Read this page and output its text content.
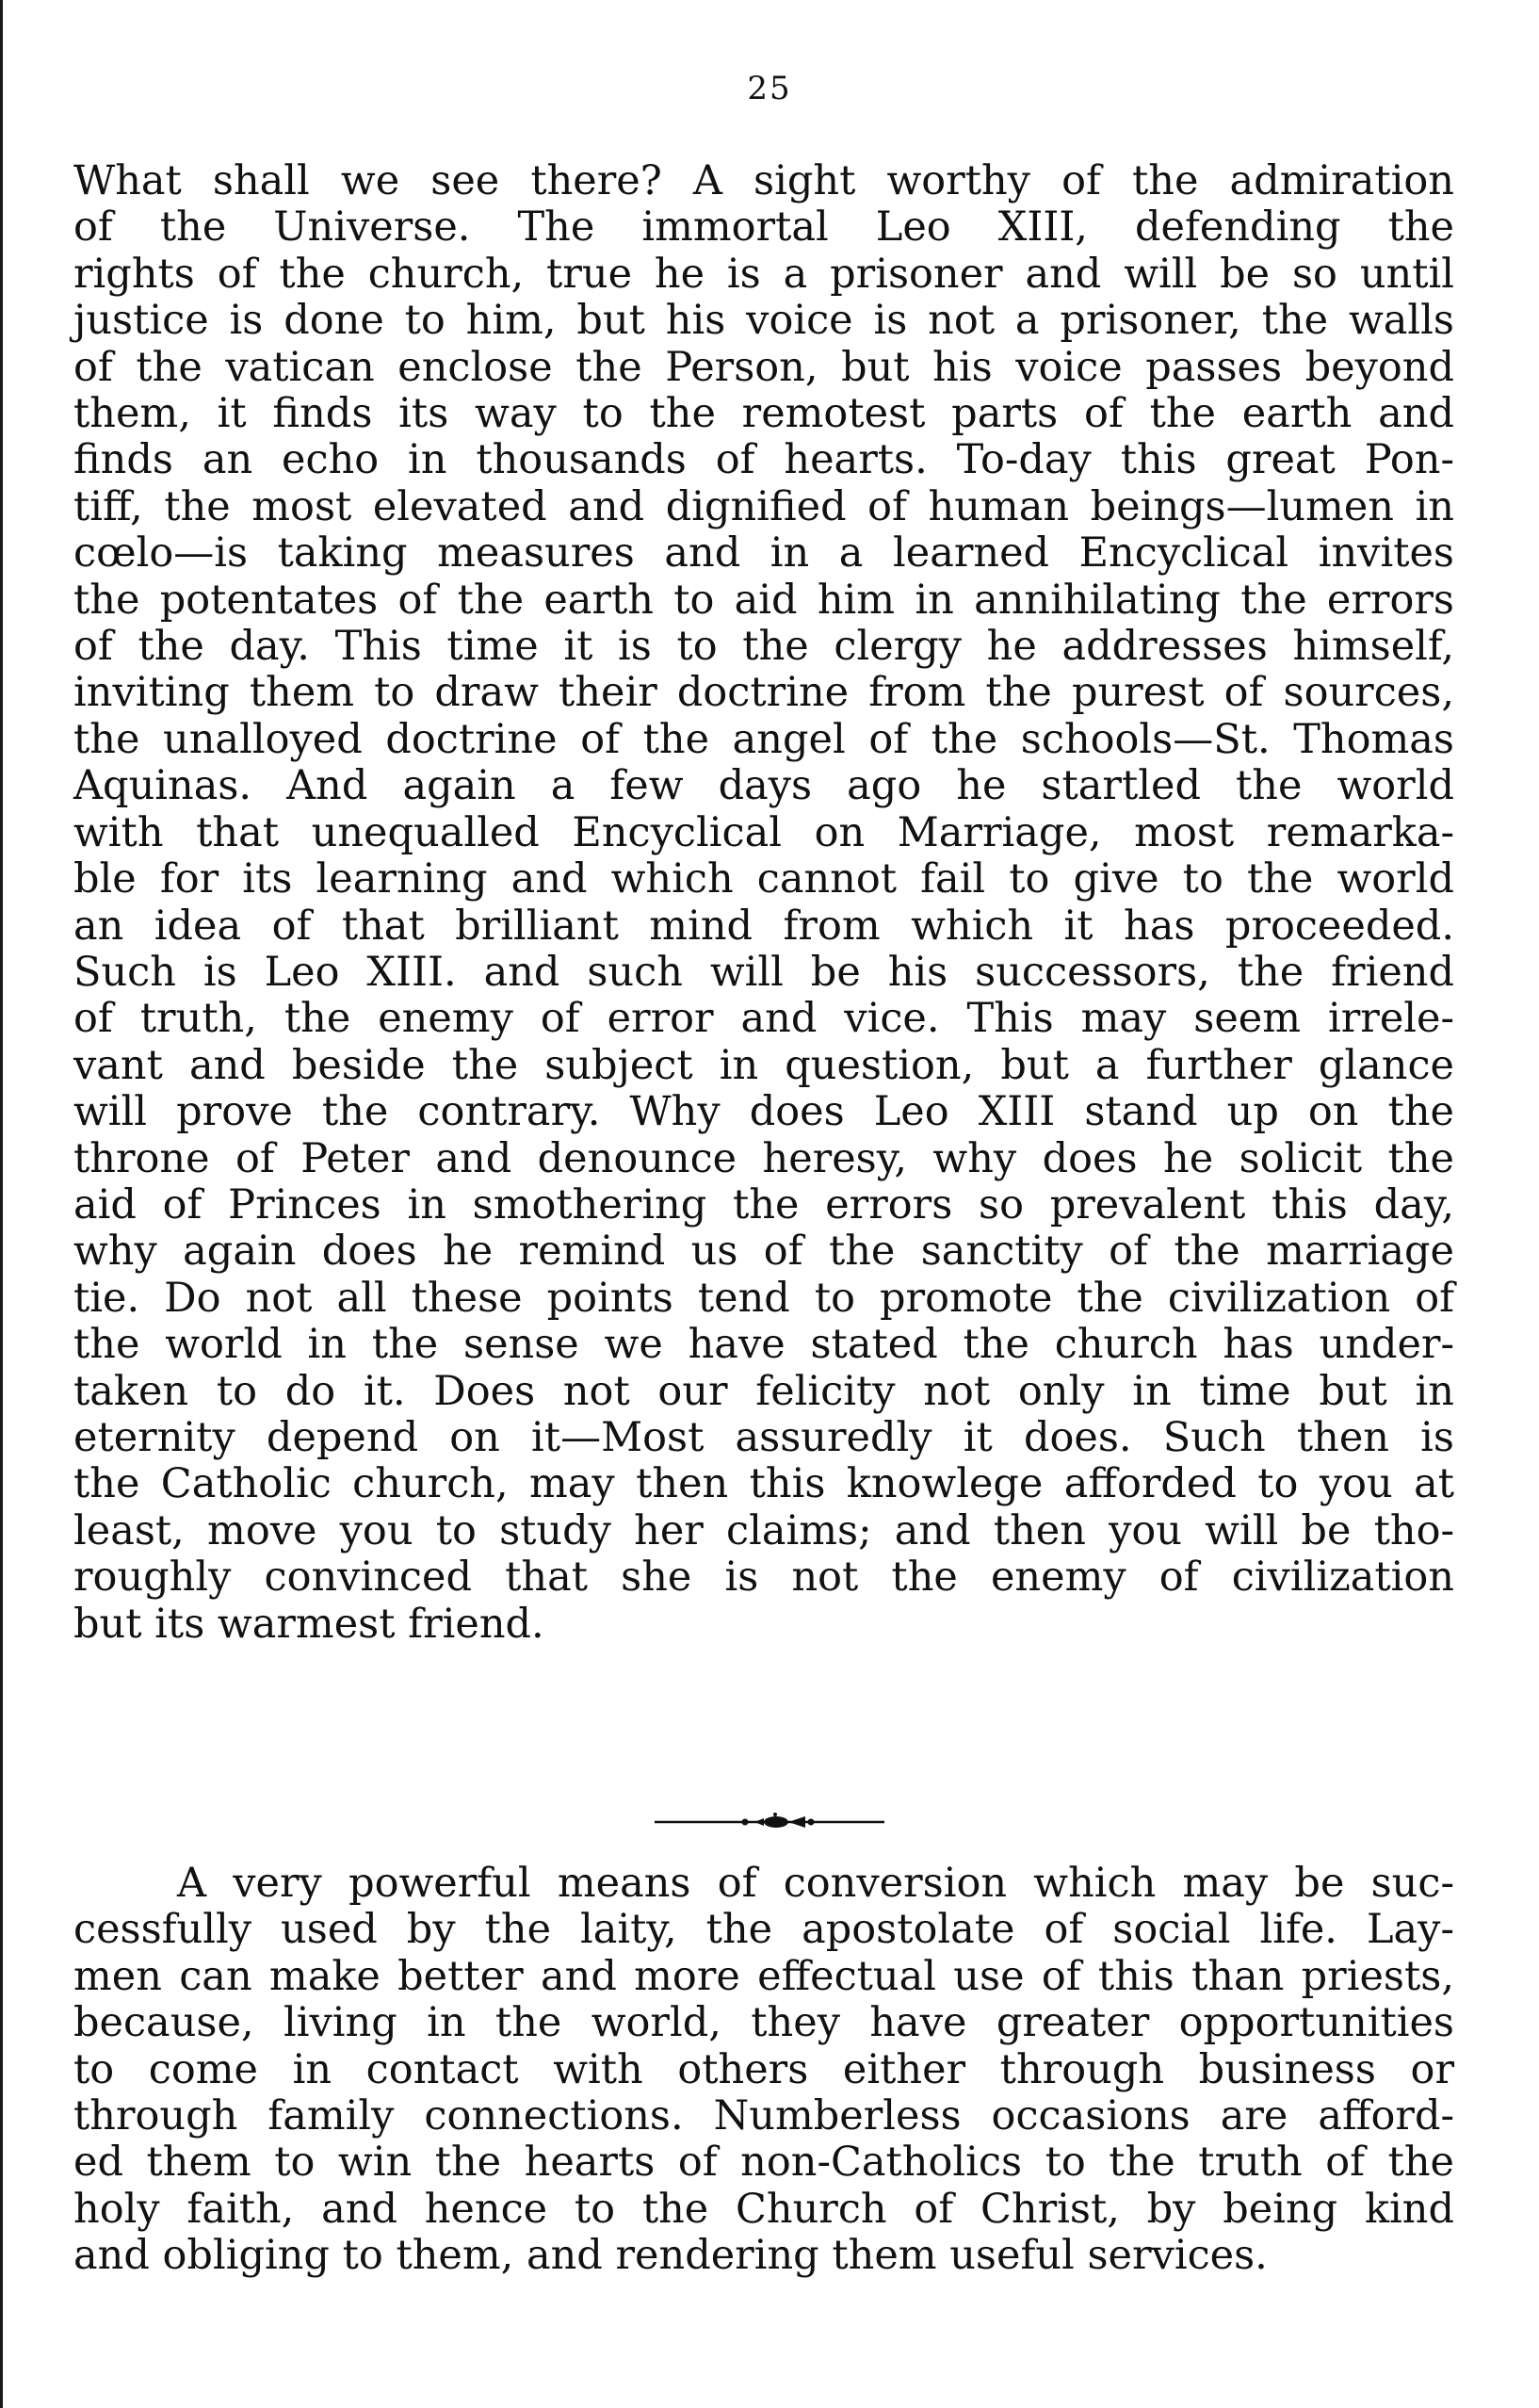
25
What shall we see there? A sight worthy of the admiration
of the Universe. The immortal Leo XIII, defending the
rights of the church, true he is a prisoner and will be so until
justice is done to him, but his voice is not a prisoner, the walls
of the vatican enclose the Person, but his voice passes beyond
them, it finds its way to the remotest parts of the earth and
finds an echo in thousands of hearts. To-day this great Pon-
tiff, the most elevated and dignified of human beings—lumen in
cœlo—is taking measures and in a learned Encyclical invites
the potentates of the earth to aid him in annihilating the errors
of the day. This time it is to the clergy he addresses himself,
inviting them to draw their doctrine from the purest of sources,
the unalloyed doctrine of the angel of the schools—St. Thomas
Aquinas. And again a few days ago he startled the world
with that unequalled Encyclical on Marriage, most remarka-
ble for its learning and which cannot fail to give to the world
an idea of that brilliant mind from which it has proceeded.
Such is Leo XIII. and such will be his successors, the friend
of truth, the enemy of error and vice. This may seem irrele-
vant and beside the subject in question, but a further glance
will prove the contrary. Why does Leo XIII stand up on the
throne of Peter and denounce heresy, why does he solicit the
aid of Princes in smothering the errors so prevalent this day,
why again does he remind us of the sanctity of the marriage
tie. Do not all these points tend to promote the civilization of
the world in the sense we have stated the church has under-
taken to do it. Does not our felicity not only in time but in
eternity depend on it—Most assuredly it does. Such then is
the Catholic church, may then this knowlege afforded to you at
least, move you to study her claims; and then you will be tho-
roughly convinced that she is not the enemy of civilization
but its warmest friend.
A very powerful means of conversion which may be suc-
cessfully used by the laity, the apostolate of social life. Lay-
men can make better and more effectual use of this than priests,
because, living in the world, they have greater opportunities
to come in contact with others either through business or
through family connections. Numberless occasions are afford-
ed them to win the hearts of non-Catholics to the truth of the
holy faith, and hence to the Church of Christ, by being kind
and obliging to them, and rendering them useful services.
